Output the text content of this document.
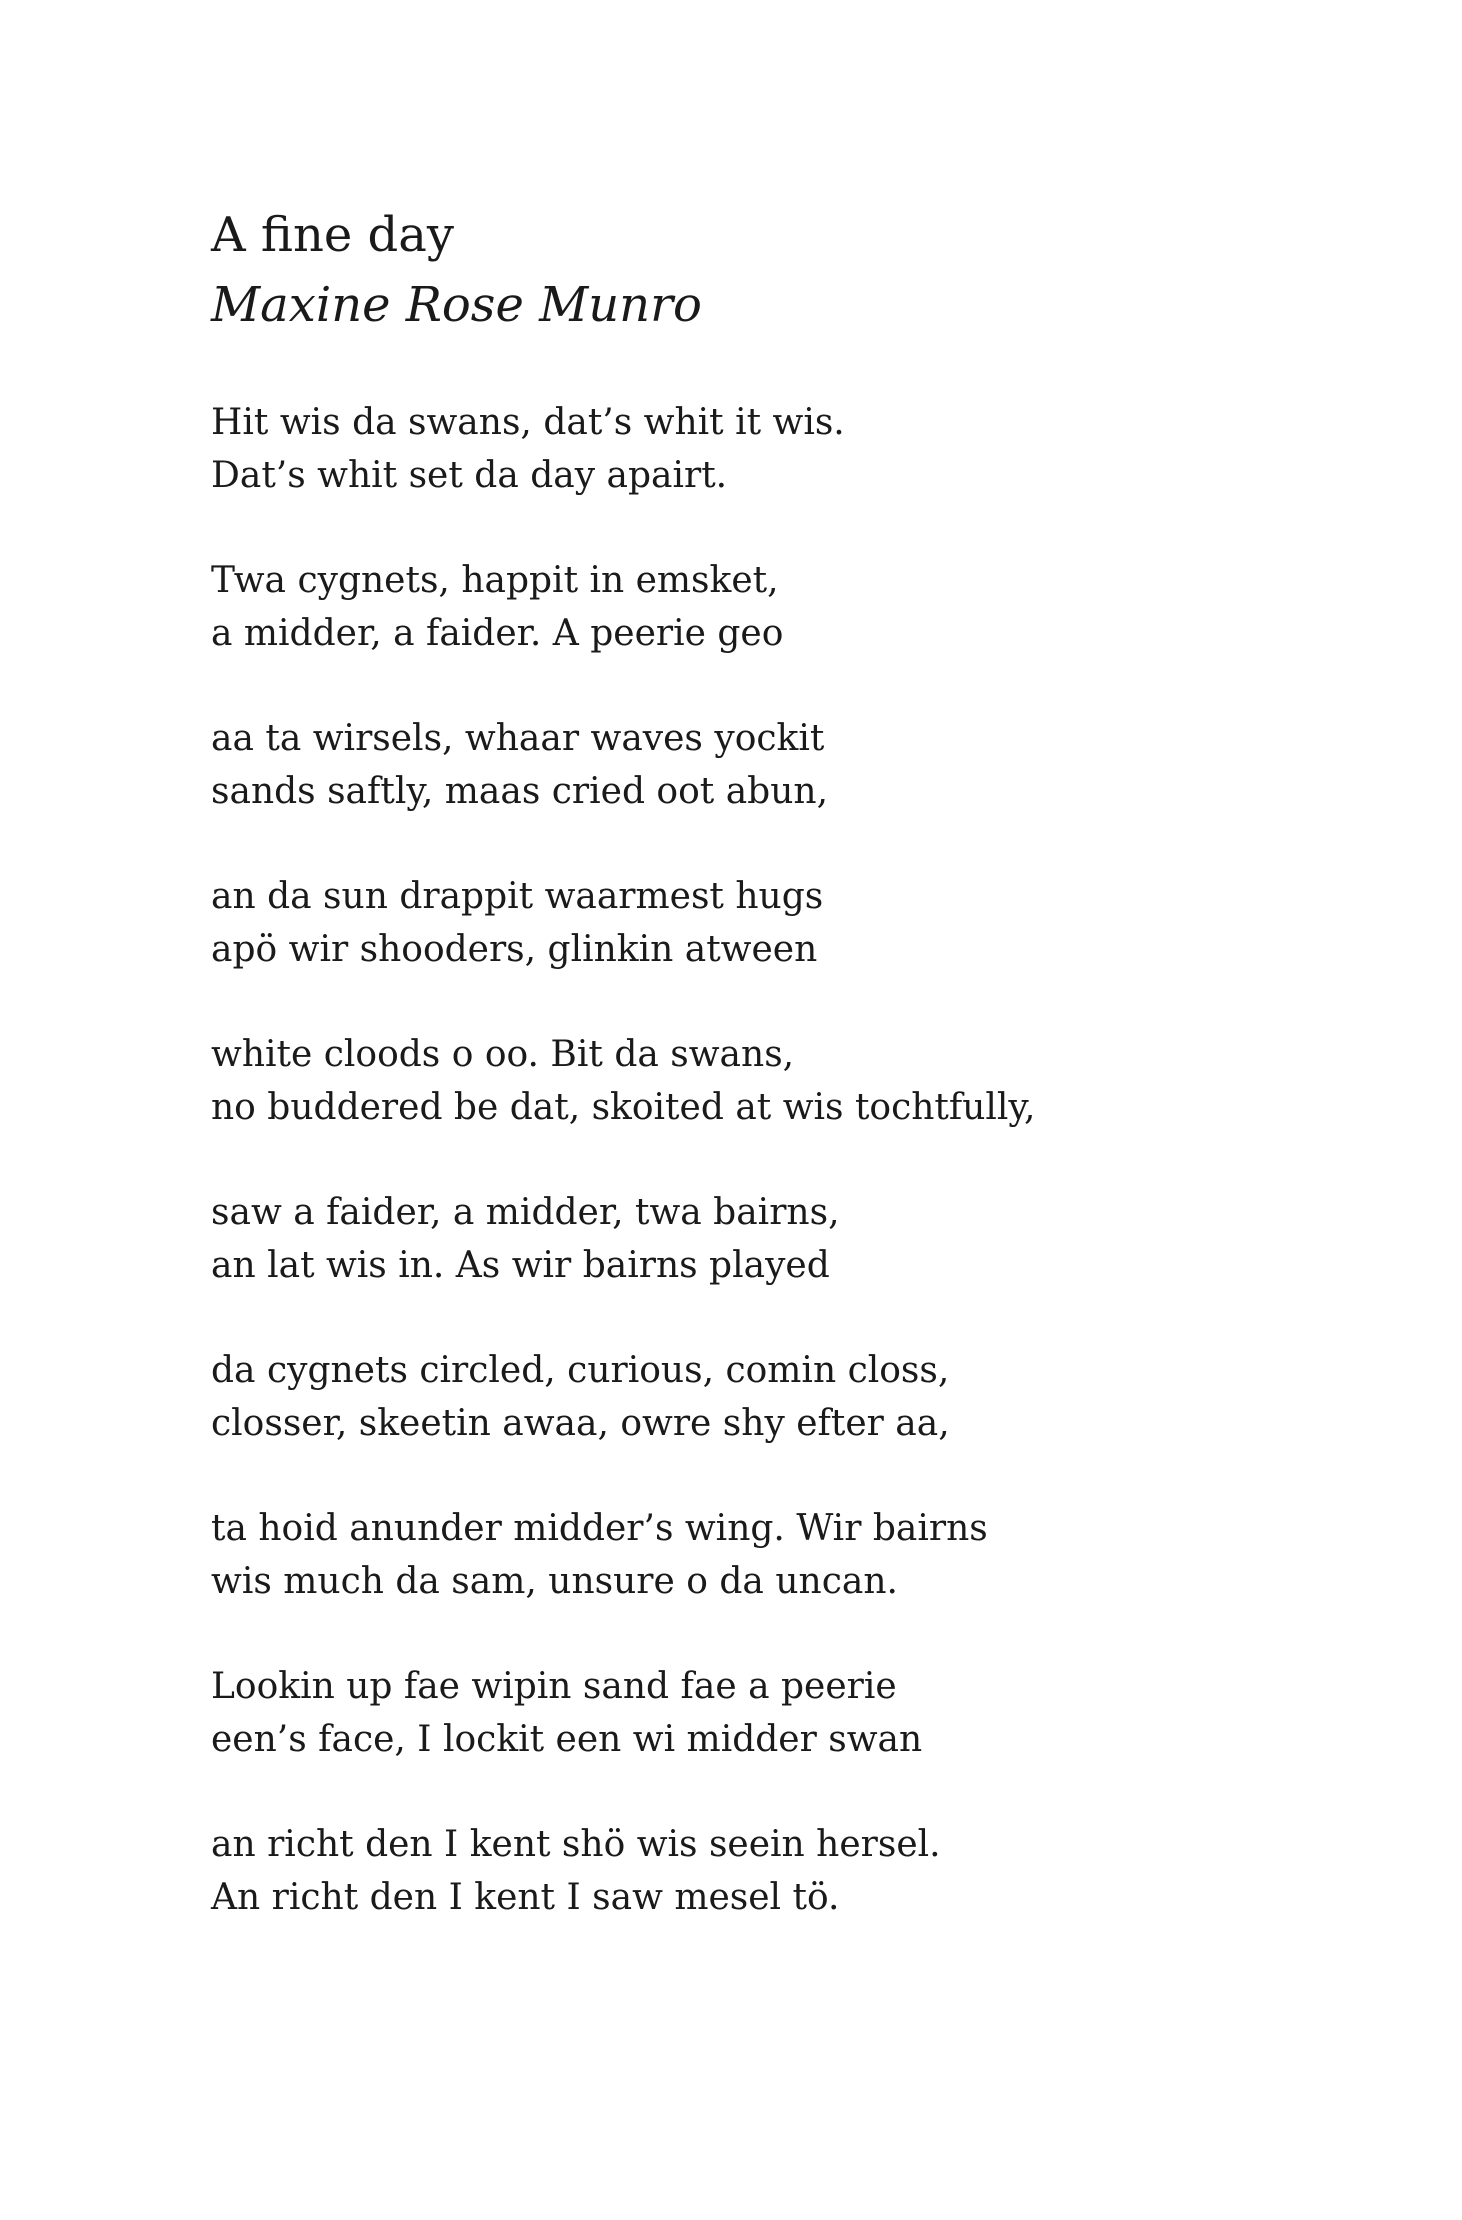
A fine day
Maxine Rose Munro
Hit wis da swans, dat’s whit it wis.
Dat’s whit set da day apairt.
Twa cygnets, happit in emsket,
a midder, a faider. A peerie geo
aa ta wirsels, whaar waves yockit
sands saftly, maas cried oot abun,
an da sun drappit waarmest hugs
apö wir shooders, glinkin atween
white cloods o oo. Bit da swans,
no buddered be dat, skoited at wis tochtfully,
saw a faider, a midder, twa bairns,
an lat wis in. As wir bairns played
da cygnets circled, curious, comin closs,
closser, skeetin awaa, owre shy efter aa,
ta hoid anunder midder’s wing. Wir bairns
wis much da sam, unsure o da uncan.
Lookin up fae wipin sand fae a peerie
een’s face, I lockit een wi midder swan
an richt den I kent shö wis seein hersel.
An richt den I kent I saw mesel tö.
